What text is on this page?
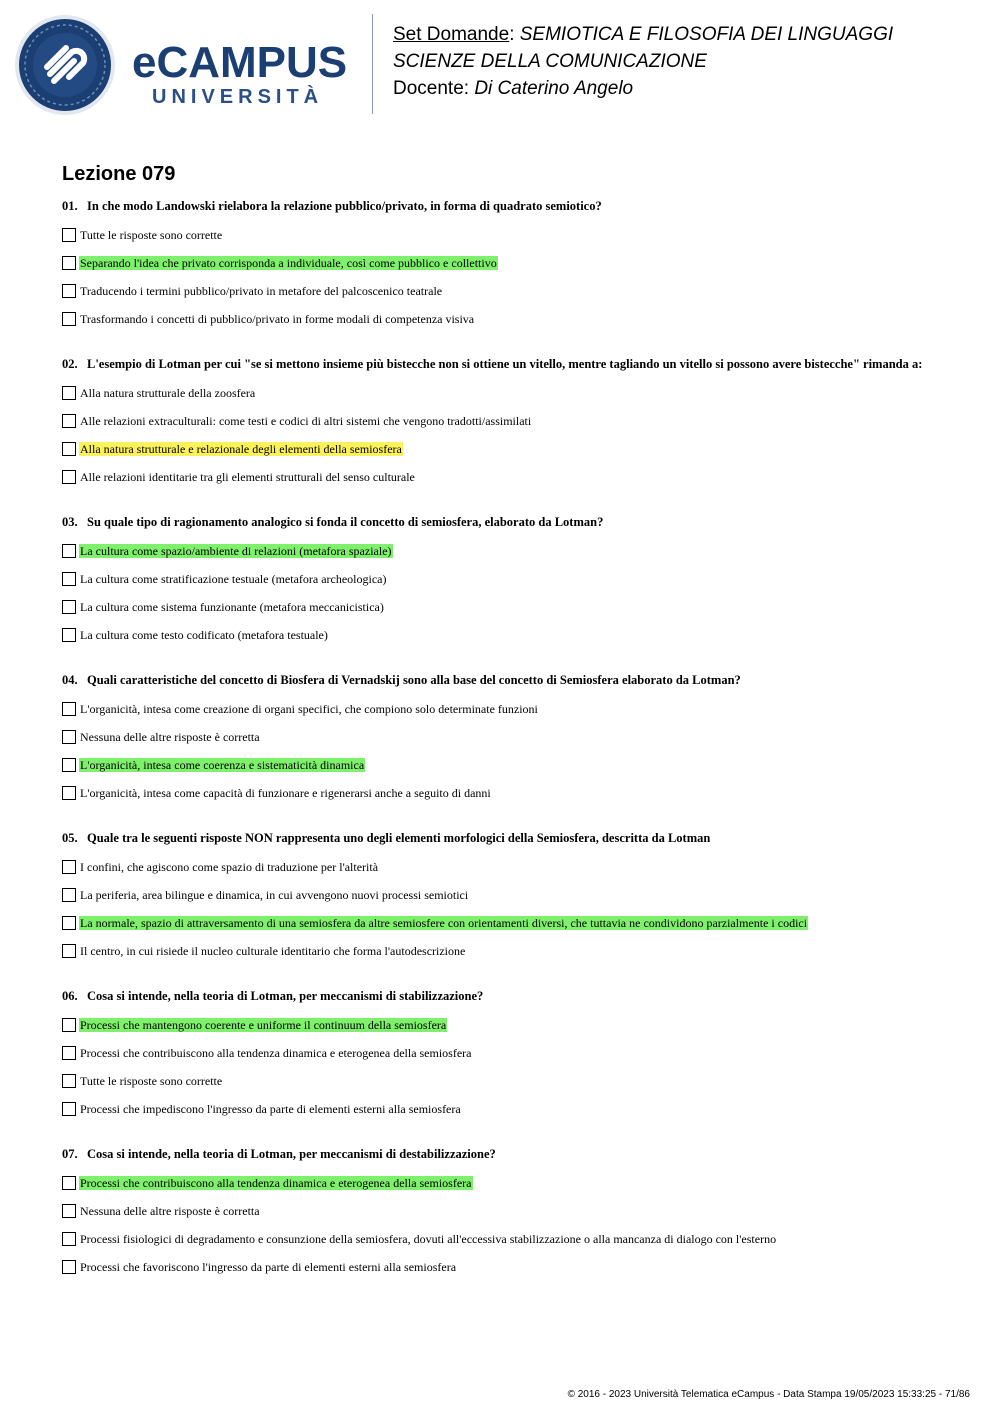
eCAMPUS
UNIVERSITÀ
Set Domande: SEMIOTICA E FILOSOFIA DEI LINGUAGGI
SCIENZE DELLA COMUNICAZIONE
Docente: Di Caterino Angelo
Lezione 079
01. In che modo Landowski rielabora la relazione pubblico/privato, in forma di quadrato semiotico?
Tutte le risposte sono corrette
Separando l'idea che privato corrisponda a individuale, così come pubblico e collettivo
Traducendo i termini pubblico/privato in metafore del palcoscenico teatrale
Trasformando i concetti di pubblico/privato in forme modali di competenza visiva
02. L'esempio di Lotman per cui "se si mettono insieme più bistecche non si ottiene un vitello, mentre tagliando un vitello si possono avere bistecche" rimanda a:
Alla natura strutturale della zoosfera
Alle relazioni extraculturali: come testi e codici di altri sistemi che vengono tradotti/assimilati
Alla natura strutturale e relazionale degli elementi della semiosfera
Alle relazioni identitarie tra gli elementi strutturali del senso culturale
03. Su quale tipo di ragionamento analogico si fonda il concetto di semiosfera, elaborato da Lotman?
La cultura come spazio/ambiente di relazioni (metafora spaziale)
La cultura come stratificazione testuale (metafora archeologica)
La cultura come sistema funzionante (metafora meccanicistica)
La cultura come testo codificato (metafora testuale)
04. Quali caratteristiche del concetto di Biosfera di Vernadskij sono alla base del concetto di Semiosfera elaborato da Lotman?
L'organicità, intesa come creazione di organi specifici, che compiono solo determinate funzioni
Nessuna delle altre risposte è corretta
L'organicità, intesa come coerenza e sistematicità dinamica
L'organicità, intesa come capacità di funzionare e rigenerarsi anche a seguito di danni
05. Quale tra le seguenti risposte NON rappresenta uno degli elementi morfologici della Semiosfera, descritta da Lotman
I confini, che agiscono come spazio di traduzione per l'alterità
La periferia, area bilingue e dinamica, in cui avvengono nuovi processi semiotici
La normale, spazio di attraversamento di una semiosfera da altre semiosfere con orientamenti diversi, che tuttavia ne condividono parzialmente i codici
Il centro, in cui risiede il nucleo culturale identitario che forma l'autodescrizione
06. Cosa si intende, nella teoria di Lotman, per meccanismi di stabilizzazione?
Processi che mantengono coerente e uniforme il continuum della semiosfera
Processi che contribuiscono alla tendenza dinamica e eterogenea della semiosfera
Tutte le risposte sono corrette
Processi che impediscono l'ingresso da parte di elementi esterni alla semiosfera
07. Cosa si intende, nella teoria di Lotman, per meccanismi di destabilizzazione?
Processi che contribuiscono alla tendenza dinamica e eterogenea della semiosfera
Nessuna delle altre risposte è corretta
Processi fisiologici di degradamento e consunzione della semiosfera, dovuti all'eccessiva stabilizzazione o alla mancanza di dialogo con l'esterno
Processi che favoriscono l'ingresso da parte di elementi esterni alla semiosfera
© 2016 - 2023 Università Telematica eCampus - Data Stampa 19/05/2023 15:33:25 - 71/86
